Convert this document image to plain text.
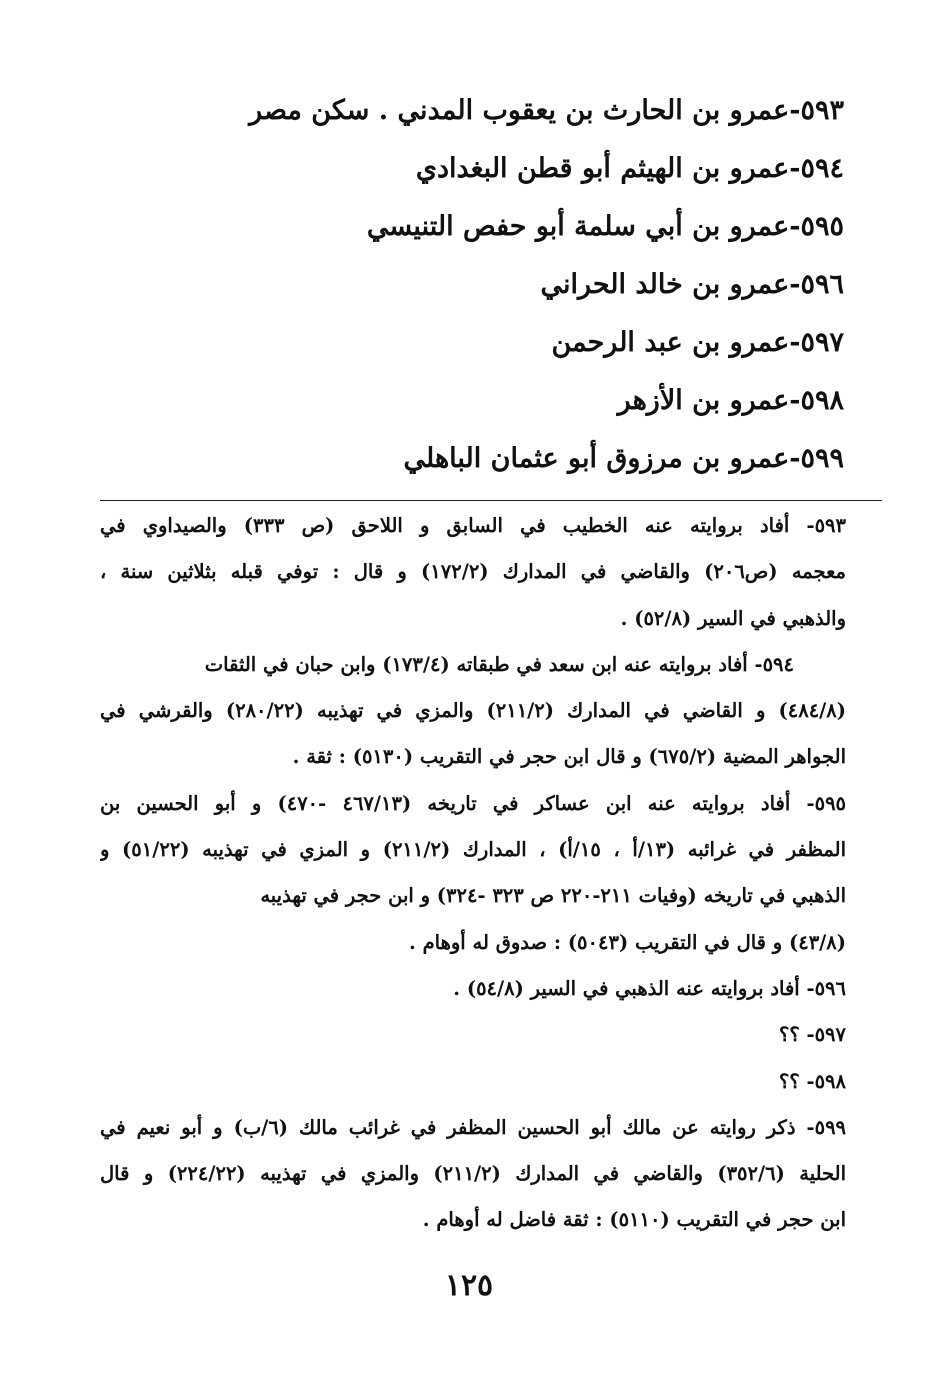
٥٩٣-عمرو بن الحارث بن يعقوب المدني . سكن مصر
٥٩٤-عمرو بن الهيثم أبو قطن البغدادي
٥٩٥-عمرو بن أبي سلمة أبو حفص التنيسي
٥٩٦-عمرو بن خالد الحراني
٥٩٧-عمرو بن عبد الرحمن
٥٩٨-عمرو بن الأزهر
٥٩٩-عمرو بن مرزوق أبو عثمان الباهلي
٥٩٣- أفاد بروايته عنه الخطيب في السابق و اللاحق (ص ٣٣٣) والصيداوي في
معجمه (ص٢٠٦) والقاضي في المدارك (١٧٢/٢) و قال : توفي قبله بثلاثين سنة ،
والذهبي في السير (٥٢/٨) .
٥٩٤- أفاد بروايته عنه ابن سعد في طبقاته (١٧٣/٤) وابن حبان في الثقات
(٤٨٤/٨) و القاضي في المدارك (٢١١/٢) والمزي في تهذيبه (٢٨٠/٢٢) والقرشي في
الجواهر المضية (٦٧٥/٢) و قال ابن حجر في التقريب (٥١٣٠) : ثقة .
٥٩٥- أفاد بروايته عنه ابن عساكر في تاريخه (٤٦٧/١٣ -٤٧٠) و أبو الحسين بن
المظفر في غرائبه (١٣/أ ، ١٥/أ) ، المدارك (٢١١/٢) و المزي في تهذيبه (٥١/٢٢) و
الذهبي في تاريخه (وفيات ٢١١-٢٢٠ ص ٣٢٣ -٣٢٤) و ابن حجر في تهذيبه
(٤٣/٨) و قال في التقريب (٥٠٤٣) : صدوق له أوهام .
٥٩٦- أفاد بروايته عنه الذهبي في السير (٥٤/٨) .
٥٩٧- ؟؟
٥٩٨- ؟؟
٥٩٩- ذكر روايته عن مالك أبو الحسين المظفر في غرائب مالك (٦/ب) و أبو نعيم في
الحلية (٣٥٢/٦) والقاضي في المدارك (٢١١/٢) والمزي في تهذيبه (٢٢٤/٢٢) و قال
ابن حجر في التقريب (٥١١٠) : ثقة فاضل له أوهام .
١٢٥
